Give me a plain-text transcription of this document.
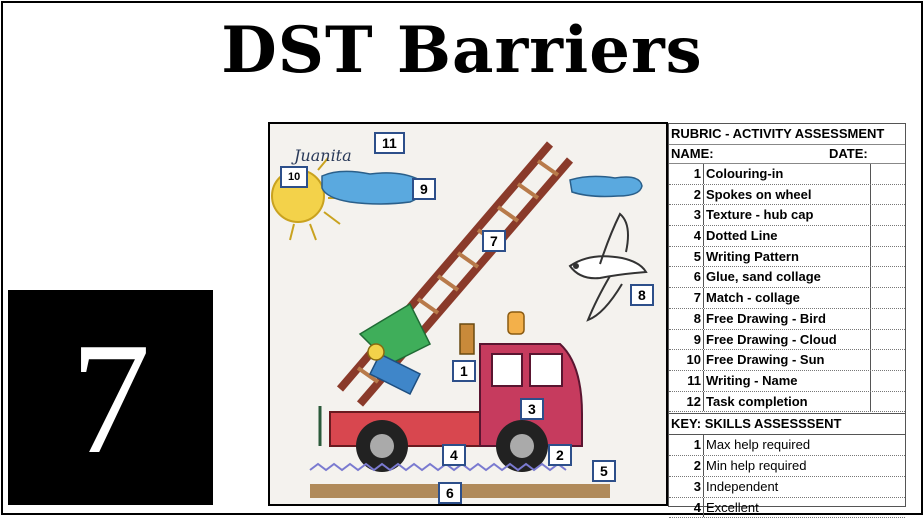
DST Barriers
7
Juanita
11
10
9
7
8
1
3
4	2
5
6
RUBRIC - ACTIVITY ASSESSMENT
NAME:	DATE:
1 Colouring-in
2 Spokes on wheel
3 Texture - hub cap
4 Dotted Line
5 Writing Pattern
6 Glue, sand collage
7 Match - collage
8 Free Drawing - Bird
9 Free Drawing - Cloud
10 Free Drawing - Sun
11 Writing - Name
12 Task completion
KEY: SKILLS ASSESSSENT
1 Max help required
2 Min help required
3 Independent
4 Excellent
